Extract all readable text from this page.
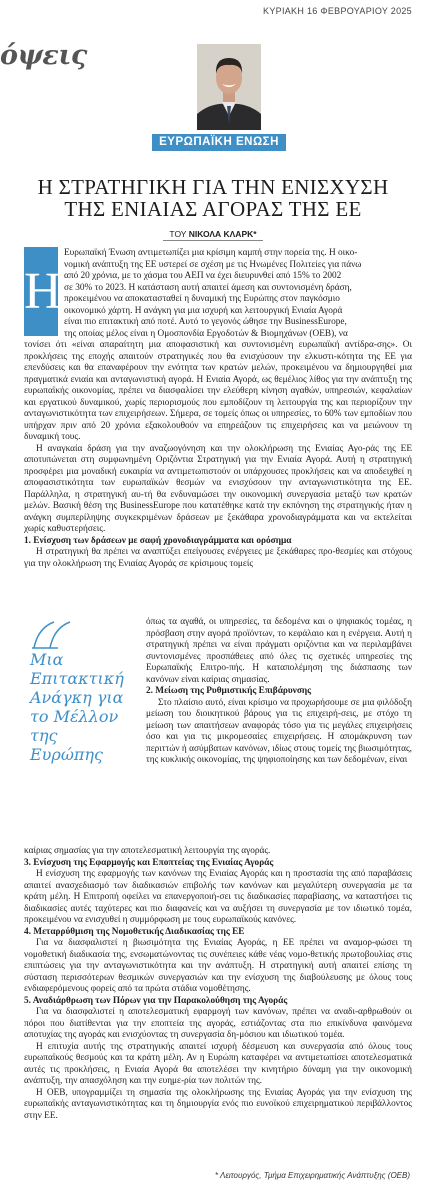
ΚΥΡΙΑΚΗ 16 ΦΕΒΡΟΥΑΡΙΟΥ 2025
όψεις
ΕΥΡΩΠΑΪΚΗ ΕΝΩΣΗ
Η ΣΤΡΑΤΗΓΙΚΗ ΓΙΑ ΤΗΝ ΕΝΙΣΧΥΣΗ
ΤΗΣ ΕΝΙΑΙΑΣ ΑΓΟΡΑΣ ΤΗΣ ΕΕ
ΤΟΥ ΝΙΚΟΛΑ ΚΛΑΡΚ*
Η
Ευρωπαϊκή Ένωση αντιμετωπίζει μια κρίσιμη καμπή στην πορεία της. Η οικο-
νομική ανάπτυξη της ΕΕ υστερεί σε σχέση με τις Ηνωμένες Πολιτείες για πάνω
από 20 χρόνια, με το χάσμα του ΑΕΠ να έχει διευρυνθεί από 15% το 2002
σε 30% το 2023. Η κατάσταση αυτή απαιτεί άμεση και συντονισμένη δράση,
προκειμένου να αποκατασταθεί η δυναμική της Ευρώπης στον παγκόσμιο
οικονομικό χάρτη. Η ανάγκη για μια ισχυρή και λειτουργική Ενιαία Αγορά
είναι πιο επιτακτική από ποτέ. Αυτό το γεγονός ώθησε την BusinessEurope,
της οποίας μέλος είναι η Ομοσπονδία Εργοδοτών & Βιομηχάνων (ΟΕΒ), να

τονίσει ότι «είναι απαραίτητη μια αποφασιστική και συντονισμένη ευρωπαϊκή αντίδρα-σης». Οι προκλήσεις της εποχής απαιτούν στρατηγικές που θα ενισχύσουν την ελκυστι-κότητα της ΕΕ για επενδύσεις και θα επαναφέρουν την ενότητα των κρατών μελών, προκειμένου να δημιουργηθεί μια πραγματικά ενιαία και ανταγωνιστική αγορά. Η Ενιαία Αγορά, ως θεμέλιος λίθος για την ανάπτυξη της ευρωπαϊκής οικονομίας, πρέπει να διασφαλίσει την ελεύθερη κίνηση αγαθών, υπηρεσιών, κεφαλαίων και εργατικού δυναμικού, χωρίς περιορισμούς που εμποδίζουν τη λειτουργία της και περιορίζουν την ανταγωνιστικότητα των επιχειρήσεων. Σήμερα, σε τομείς όπως οι υπηρεσίες, το 60% των εμποδίων που υπήρχαν πριν από 20 χρόνια εξακολουθούν να επηρεάζουν τις επιχειρήσεις και να μειώνουν τη δυναμική τους.

Η αναγκαία δράση για την αναζωογόνηση και την ολοκλήρωση της Ενιαίας Αγο-ράς της ΕΕ αποτυπώνεται στη συμφωνημένη Οριζόντια Στρατηγική για την Ενιαία Αγορά. Αυτή η στρατηγική προσφέρει μια μοναδική ευκαιρία να αντιμετωπιστούν οι υπάρχουσες προκλήσεις και να αποδειχθεί η αποφασιστικότητα των ευρωπαϊκών θεσμών να ενισχύσουν την ανταγωνιστικότητα της ΕΕ. Παράλληλα, η στρατηγική αυ-τή θα ενδυναμώσει την οικονομική συνεργασία μεταξύ των κρατών μελών. Βασική θέση της BusinessEurope που κατατέθηκε κατά την εκπόνηση της στρατηγικής ήταν η ανάγκη συμπερίληψης συγκεκριμένων δράσεων με ξεκάθαρα χρονοδιαγράμματα και να εκτελείται χωρίς καθυστερήσεις.

1. Ενίσχυση των δράσεων με σαφή χρονοδιαγράμματα και ορόσημα

Η στρατηγική θα πρέπει να αναπτύξει επείγουσες ενέργειες με ξεκάθαρες προ-θεσμίες και στόχους για την ολοκλήρωση της Ενιαίας Αγοράς σε κρίσιμους τομείς

Μια Επιτακτική Ανάγκη για το Μέλλον της Ευρώπης

όπως τα αγαθά, οι υπηρεσίες, τα δεδομένα και ο ψηφιακός τομέας, η πρόσβαση στην αγορά προϊόντων, το κεφάλαιο και η ενέργεια. Αυτή η στρατηγική πρέπει να είναι πράγματι οριζόντια και να περιλαμβάνει συντονισμένες προσπάθειες από όλες τις σχετικές υπηρεσίες της Ευρωπαϊκής Επιτρο-πής. Η καταπολέμηση της διάσπασης των κανόνων είναι καίριας σημασίας.

2. Μείωση της Ρυθμιστικής Επιβάρυνσης

Στο πλαίσιο αυτό, είναι κρίσιμο να προχωρήσουμε σε μια φιλόδοξη μείωση του διοικητικού βάρους για τις επιχειρή-σεις, με στόχο τη μείωση των απαιτήσεων αναφοράς τόσο για τις μεγάλες επιχειρήσεις όσο και για τις μικρομεσαίες επιχειρήσεις. Η απομάκρυνση των περιττών ή ασύμβατων κανόνων, ιδίως στους τομείς της βιωσιμότητας, της κυκλικής οικονομίας, της ψηφιοποίησης και των δεδομένων, είναι

καίριας σημασίας για την αποτελεσματική λειτουργία της αγοράς.

3. Ενίσχυση της Εφαρμογής και Εποπτείας της Ενιαίας Αγοράς

Η ενίσχυση της εφαρμογής των κανόνων της Ενιαίας Αγοράς και η προστασία της από παραβάσεις απαιτεί ανασχεδιασμό των διαδικασιών επιβολής των κανόνων και μεγαλύτερη συνεργασία με τα κράτη μέλη. Η Επιτροπή οφείλει να επανεργοποιή-σει τις διαδικασίες παραβίασης, να καταστήσει τις διαδικασίες αυτές ταχύτερες και πιο διαφανείς και να αυξήσει τη συνεργασία με τον ιδιωτικό τομέα, προκειμένου να ενισχυθεί η συμμόρφωση με τους ευρωπαϊκούς κανόνες.

4. Μεταρρύθμιση της Νομοθετικής Διαδικασίας της ΕΕ

Για να διασφαλιστεί η βιωσιμότητα της Ενιαίας Αγοράς, η ΕΕ πρέπει να αναμορ-φώσει τη νομοθετική διαδικασία της, ενσωματώνοντας τις συνέπειες κάθε νέας νομο-θετικής πρωτοβουλίας στις επιπτώσεις για την ανταγωνιστικότητα και την ανάπτυξη. Η στρατηγική αυτή απαιτεί επίσης τη σύσταση περισσότερων θεσμικών συνεργασιών και την ενίσχυση της διαβούλευσης με όλους τους ενδιαφερόμενους φορείς από τα πρώτα στάδια νομοθέτησης.

5. Αναδιάρθρωση των Πόρων για την Παρακολούθηση της Αγοράς

Για να διασφαλιστεί η αποτελεσματική εφαρμογή των κανόνων, πρέπει να αναδι-αρθρωθούν οι πόροι που διατίθενται για την εποπτεία της αγοράς, εστιάζοντας στα πιο επικίνδυνα φαινόμενα αποτυχίας της αγοράς και ενισχύοντας τη συνεργασία δη-μόσιου και ιδιωτικού τομέα.

Η επιτυχία αυτής της στρατηγικής απαιτεί ισχυρή δέσμευση και συνεργασία από όλους τους ευρωπαϊκούς θεσμούς και τα κράτη μέλη. Αν η Ευρώπη καταφέρει να αντιμετωπίσει αποτελεσματικά αυτές τις προκλήσεις, η Ενιαία Αγορά θα αποτελέσει την κινητήριο δύναμη για την οικονομική ανάπτυξη, την απασχόληση και την ευημε-ρία των πολιτών της.

Η ΟΕΒ, υπογραμμίζει τη σημασία της ολοκλήρωσης της Ενιαίας Αγοράς για την ενίσχυση της ευρωπαϊκής ανταγωνιστικότητας και τη δημιουργία ενός πιο ευνοϊκού επιχειρηματικού περιβάλλοντος στην ΕΕ.

* Λειτουργός, Τμήμα Επιχειρηματικής Ανάπτυξης (ΟΕΒ)
